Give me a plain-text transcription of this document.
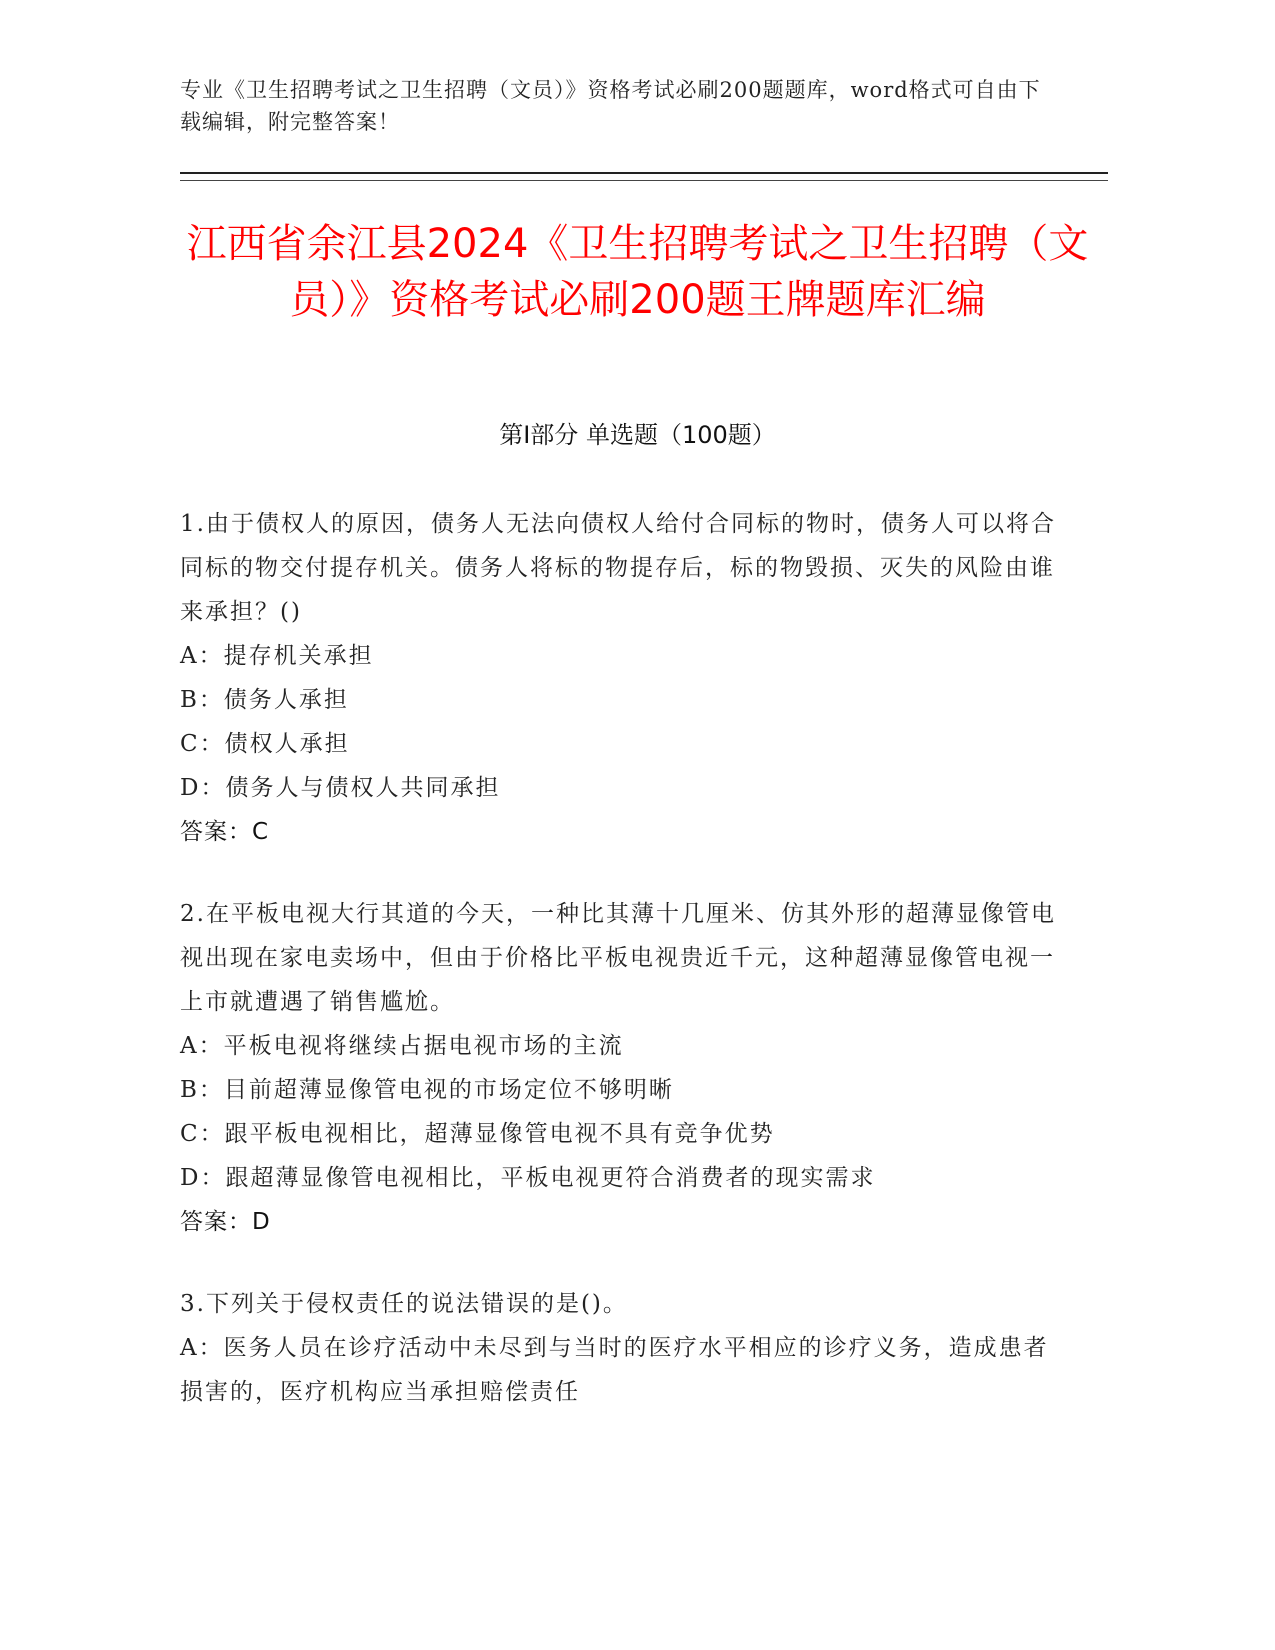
专业《卫生招聘考试之卫生招聘（文员）》资格考试必刷200题题库，word格式可自由下载编辑，附完整答案！
江西省余江县2024《卫生招聘考试之卫生招聘（文员）》资格考试必刷200题王牌题库汇编
第Ⅰ部分 单选题（100题）
1.由于债权人的原因，债务人无法向债权人给付合同标的物时，债务人可以将合同标的物交付提存机关。债务人将标的物提存后，标的物毁损、灭失的风险由谁来承担？()
A：提存机关承担
B：债务人承担
C：债权人承担
D：债务人与债权人共同承担
答案：C
2.在平板电视大行其道的今天，一种比其薄十几厘米、仿其外形的超薄显像管电视出现在家电卖场中，但由于价格比平板电视贵近千元，这种超薄显像管电视一上市就遭遇了销售尴尬。
A：平板电视将继续占据电视市场的主流
B：目前超薄显像管电视的市场定位不够明晰
C：跟平板电视相比，超薄显像管电视不具有竞争优势
D：跟超薄显像管电视相比，平板电视更符合消费者的现实需求
答案：D
3.下列关于侵权责任的说法错误的是()。
A：医务人员在诊疗活动中未尽到与当时的医疗水平相应的诊疗义务，造成患者损害的，医疗机构应当承担赔偿责任
